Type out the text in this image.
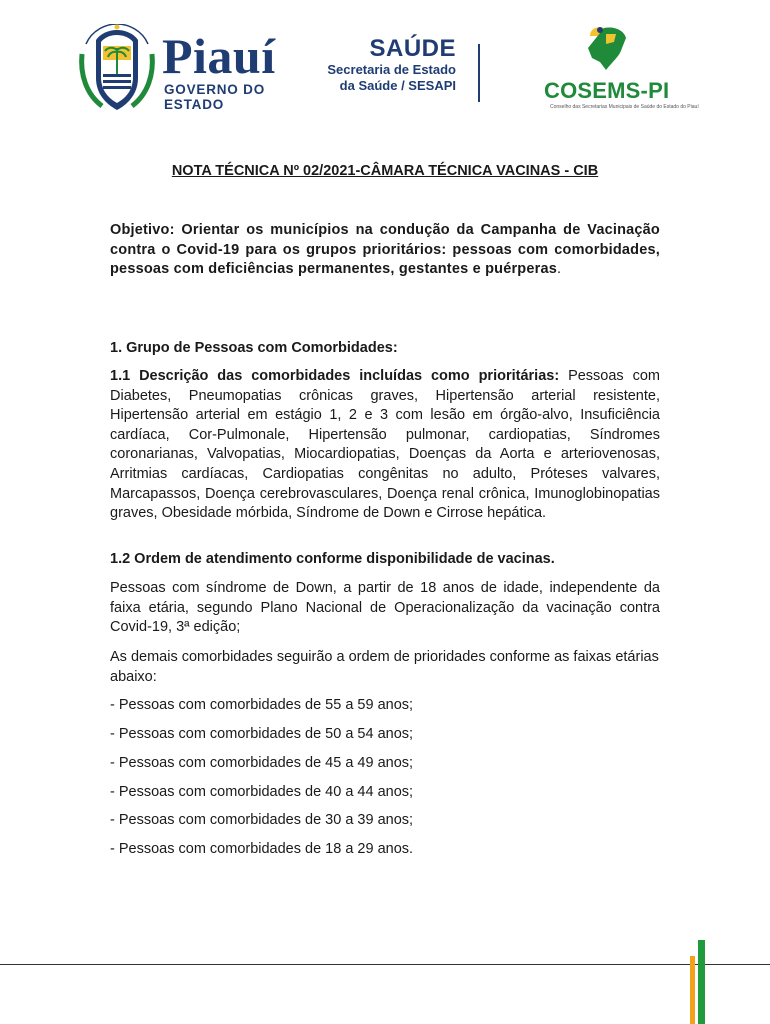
Piauí
GOVERNO DO ESTADO
SAÚDE
Secretaria de Estado
da Saúde / SESAPI	COSEMS-PI
Conselho das Secretarias Municipais de Saúde do Estado do Piauí
NOTA TÉCNICA Nº 02/2021-CÂMARA TÉCNICA VACINAS - CIB
Objetivo: Orientar os municípios na condução da Campanha de Vacinação contra o Covid-19 para os grupos prioritários: pessoas com comorbidades, pessoas com deficiências permanentes, gestantes e puérperas.
1. Grupo de Pessoas com Comorbidades:
1.1 Descrição das comorbidades incluídas como prioritárias: Pessoas com Diabetes, Pneumopatias crônicas graves, Hipertensão arterial resistente, Hipertensão arterial em estágio 1, 2 e 3 com lesão em órgão-alvo, Insuficiência cardíaca, Cor-Pulmonale, Hipertensão pulmonar, cardiopatias, Síndromes coronarianas, Valvopatias, Miocardiopatias, Doenças da Aorta e arteriovenosas, Arritmias cardíacas, Cardiopatias congênitas no adulto, Próteses valvares, Marcapassos, Doença cerebrovasculares, Doença renal crônica, Imunoglobinopatias graves, Obesidade mórbida, Síndrome de Down e Cirrose hepática.
1.2 Ordem de atendimento conforme disponibilidade de vacinas.
Pessoas com síndrome de Down, a partir de 18 anos de idade, independente da faixa etária, segundo Plano Nacional de Operacionalização da vacinação contra Covid-19, 3ª edição;
As demais comorbidades seguirão a ordem de prioridades conforme as faixas etárias abaixo:
- Pessoas com comorbidades de 55 a 59 anos;
- Pessoas com comorbidades de 50 a 54 anos;
- Pessoas com comorbidades de 45 a 49 anos;
- Pessoas com comorbidades de 40 a 44 anos;
- Pessoas com comorbidades de 30 a 39 anos;
- Pessoas com comorbidades de 18 a 29 anos.
